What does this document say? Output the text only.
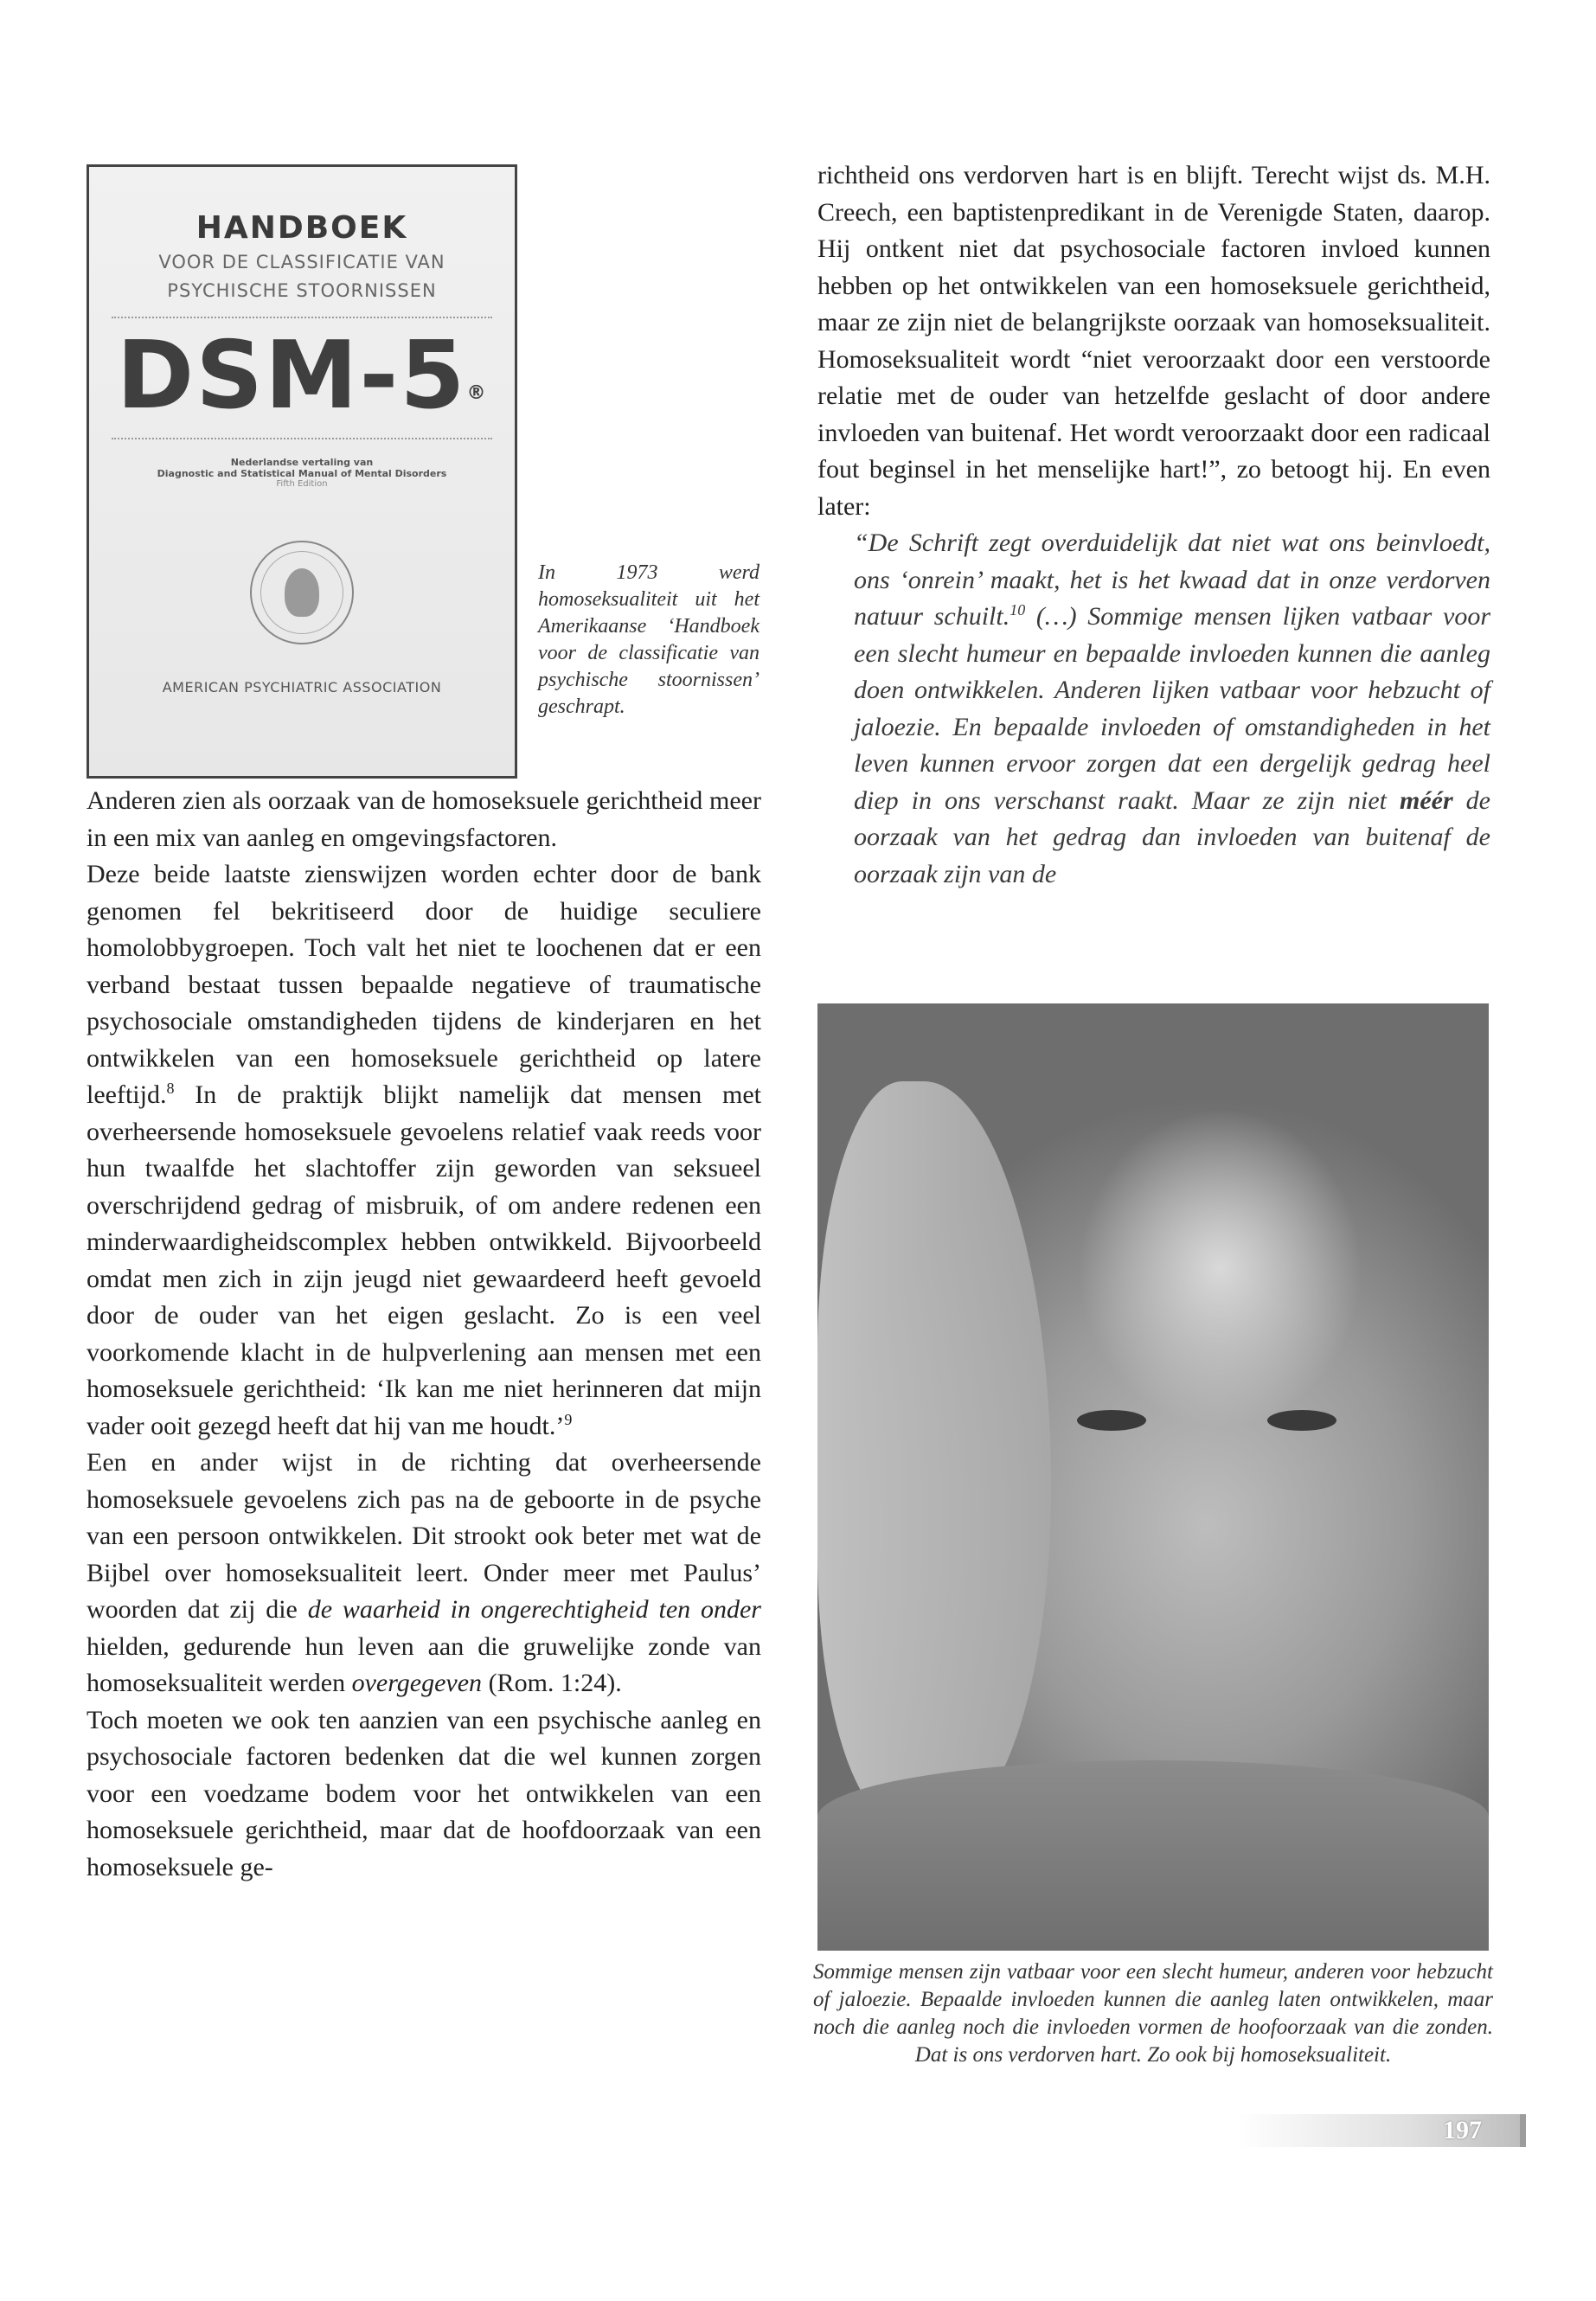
HANDBOEK
VOOR DE CLASSIFICATIE VAN
PSYCHISCHE STOORNISSEN
DSM-5®
Nederlandse vertaling van
Diagnostic and Statistical Manual of Mental Disorders
Fifth Edition
AMERICAN PSYCHIATRIC ASSOCIATION
In 1973 werd homoseksualiteit uit het Amerikaanse ‘Handboek voor de classificatie van psychische stoornissen’ geschrapt.

Anderen zien als oorzaak van de homoseksuele gerichtheid meer in een mix van aanleg en omgevingsfactoren.

Deze beide laatste zienswijzen worden echter door de bank genomen fel bekritiseerd door de huidige seculiere homolobbygroepen. Toch valt het niet te loochenen dat er een verband bestaat tussen bepaalde negatieve of traumatische psychosociale omstandigheden tijdens de kinderjaren en het ontwikkelen van een homoseksuele gerichtheid op latere leeftijd.$^8$ In de praktijk blijkt namelijk dat mensen met overheersende homoseksuele gevoelens relatief vaak reeds voor hun twaalfde het slachtoffer zijn geworden van seksueel overschrijdend gedrag of misbruik, of om andere redenen een minderwaardigheidscomplex hebben ontwikkeld. Bijvoorbeeld omdat men zich in zijn jeugd niet gewaardeerd heeft gevoeld door de ouder van het eigen geslacht. Zo is een veel voorkomende klacht in de hulpverlening aan mensen met een homoseksuele gerichtheid: ‘Ik kan me niet herinneren dat mijn vader ooit gezegd heeft dat hij van me houdt.’$^9$

Een en ander wijst in de richting dat overheersende homoseksuele gevoelens zich pas na de geboorte in de psyche van een persoon ontwikkelen. Dit strookt ook beter met wat de Bijbel over homoseksualiteit leert. Onder meer met Paulus’ woorden dat zij die de waarheid in ongerechtigheid ten onder hielden, gedurende hun leven aan die gruwelijke zonde van homoseksualiteit werden overgegeven (Rom. 1:24).

Toch moeten we ook ten aanzien van een psychische aanleg en psychosociale factoren bedenken dat die wel kunnen zorgen voor een voedzame bodem voor het ontwikkelen van een homoseksuele gerichtheid, maar dat de hoofdoorzaak van een homoseksuele ge-

richtheid ons verdorven hart is en blijft. Terecht wijst ds. M.H. Creech, een baptistenpredikant in de Verenigde Staten, daarop. Hij ontkent niet dat psychosociale factoren invloed kunnen hebben op het ontwikkelen van een homoseksuele gerichtheid, maar ze zijn niet de belangrijkste oorzaak van homoseksualiteit. Homoseksualiteit wordt “niet veroorzaakt door een verstoorde relatie met de ouder van hetzelfde geslacht of door andere invloeden van buitenaf. Het wordt veroorzaakt door een radicaal fout beginsel in het menselijke hart!”, zo betoogt hij. En even later:

“De Schrift zegt overduidelijk dat niet wat ons beinvloedt, ons ‘onrein’ maakt, het is het kwaad dat in onze verdorven natuur schuilt.$^{10}$ (…) Sommige mensen lijken vatbaar voor een slecht humeur en bepaalde invloeden kunnen die aanleg doen ontwikkelen. Anderen lijken vatbaar voor hebzucht of jaloezie. En bepaalde invloeden of omstandigheden in het leven kunnen ervoor zorgen dat een dergelijk gedrag heel diep in ons verschanst raakt. Maar ze zijn niet méér de oorzaak van het gedrag dan invloeden van buitenaf de oorzaak zijn van de

Sommige mensen zijn vatbaar voor een slecht humeur, anderen voor hebzucht of jaloezie. Bepaalde invloeden kunnen die aanleg laten ontwikkelen, maar noch die aanleg noch die invloeden vormen de hoofoorzaak van die zonden. Dat is ons verdorven hart. Zo ook bij homoseksualiteit.
197
